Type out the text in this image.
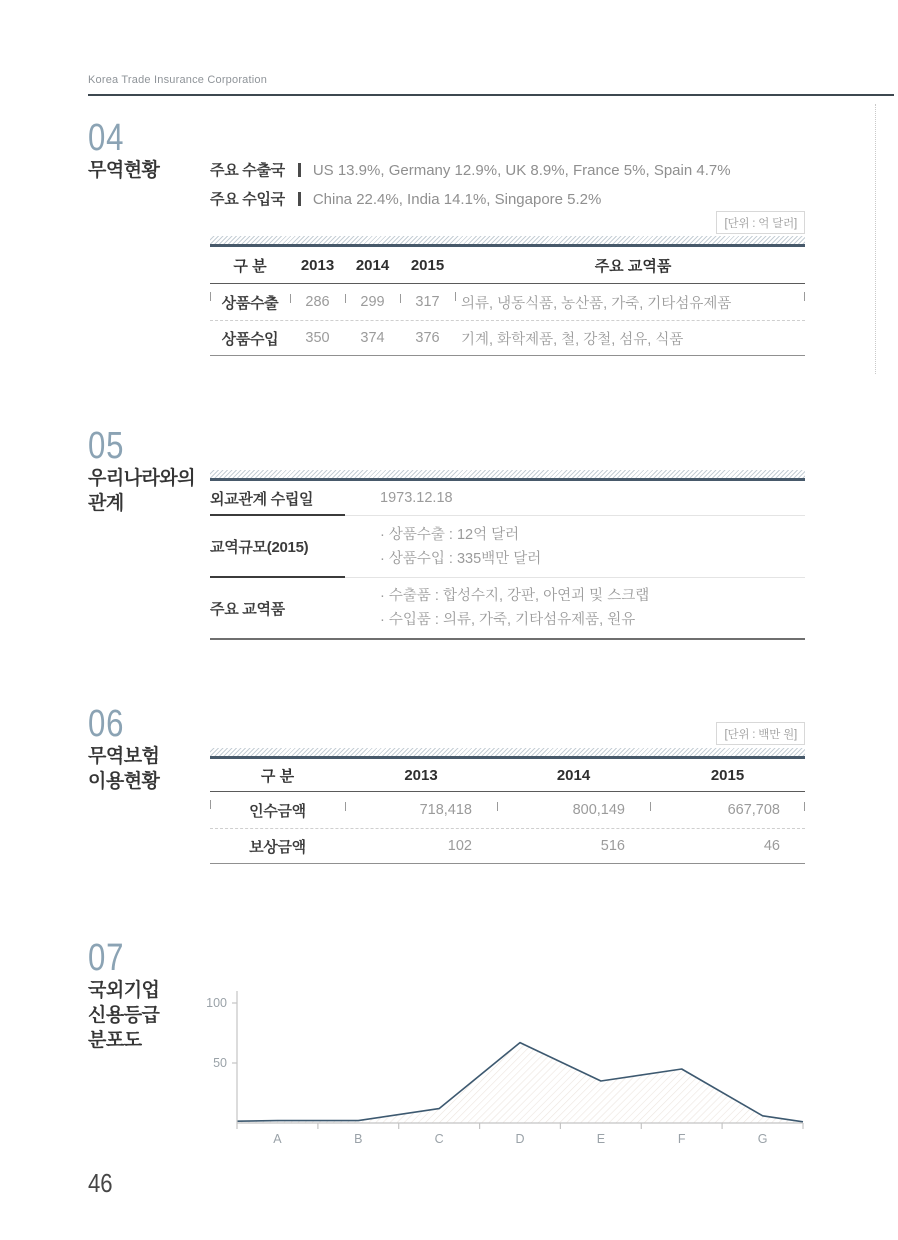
Korea Trade Insurance Corporation
04
무역현황	주요 수출국 US 13.9%, Germany 12.9%, UK 8.9%, France 5%, Spain 4.7%
주요 수입국 China 22.4%, India 14.1%, Singapore 5.2%
[단위 : 억 달러]
구 분	2013	2014	2015	주요 교역품
상품수출	286	299	317	의류, 냉동식품, 농산품, 가죽, 기타섬유제품
상품수입	350	374	376	기계, 화학제품, 철, 강철, 섬유, 식품
05
우리나라와의
관계	외교관계 수립일	1973.12.18
교역규모(2015)
· 상품수출 : 12억 달러
· 상품수입 : 335백만 달러
주요 교역품
· 수출품 : 합성수지, 강판, 아연괴 및 스크랩
· 수입품 : 의류, 가죽, 기타섬유제품, 원유
06
무역보험
이용현황
[단위 : 백만 원]
구 분	2013	2014	2015
인수금액	718,418	800,149	667,708
보상금액	102	516	46
07
국외기업
신용등급
분포도
50
100
A	B	C	D	E	F	G
46
